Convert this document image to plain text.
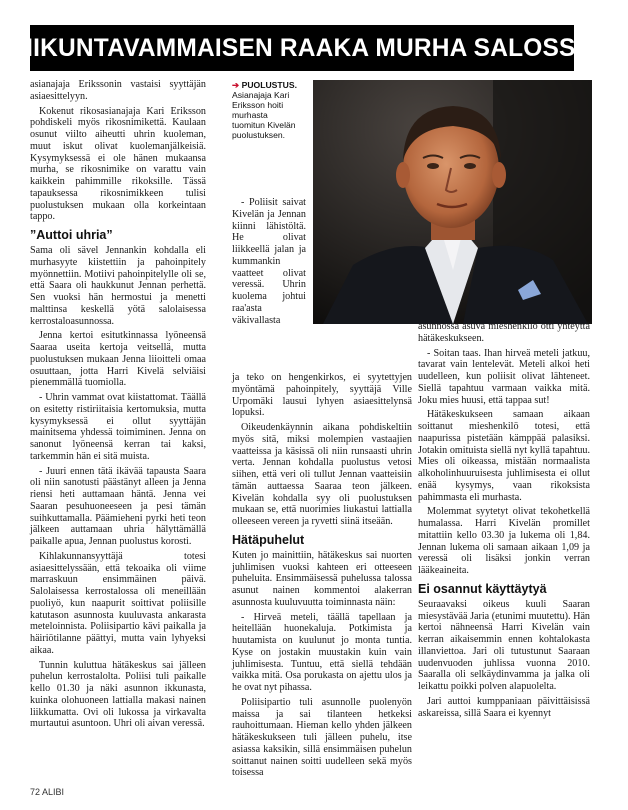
LIIKUNTAVAMMAISEN RAAKA MURHA SALOSSA

asianajaja Erikssonin vastaisi syyttäjän asiaesittelyyn.

Kokenut rikosasianajaja Kari Eriksson pohdiskeli myös rikosnimikettä. Kaulaan osunut viilto aiheutti uhrin kuoleman, muut iskut olivat kuolemanjälkeisiä. Kysymyksessä ei ole hänen mukaansa murha, se rikosnimike on varattu vain kaikkein pahimmille rikoksille. Tässä tapauksessa rikosnimikkeen tulisi puolustuksen mukaan olla korkeintaan tappo.

”Auttoi uhria”

Sama oli sävel Jennankin kohdalla eli murhasyyte kiistettiin ja pahoinpitely myönnettiin. Motiivi pahoinpitelylle oli se, että Saara oli haukkunut Jennan perhettä. Sen vuoksi hän hermostui ja menetti malttinsa keskellä yötä salolaisessa kerrostaloasunnossa.

Jenna kertoi esitutkinnassa lyöneensä Saaraa useita kertoja veitsellä, mutta puolustuksen mukaan Jenna liioitteli omaa osuuttaan, jotta Harri Kivelä selviäisi pienemmällä tuomiolla.

- Uhrin vammat ovat kiistattomat. Täällä on esitetty ristiriitaisia kertomuksia, mutta kysymyksessä ei ollut syyttäjän mainitsema yhdessä toimiminen. Jenna on sanonut lyöneensä kerran tai kaksi, tarkemmin hän ei sitä muista.

- Juuri ennen tätä ikävää tapausta Saara oli niin sanotusti päästänyt alleen ja Jenna riensi heti auttamaan häntä. Jenna vei Saaran pesuhuoneeseen ja pesi tämän suihkuttamalla. Päämieheni pyrki heti teon jälkeen auttamaan uhria hälyttämällä paikalle apua, Jennan puolustus korosti.

Kihlakunnansyyttäjä totesi asiaesittelyssään, että tekoaika oli viime marraskuun ensimmäinen päivä. Salolaisessa kerrostalossa oli meneillään puoliyö, kun naapurit soittivat poliisille katutason asunnosta kuuluvasta ankarasta meteloinnista. Poliisipartio kävi paikalla ja häiriötilanne päättyi, mutta vain lyhyeksi aikaa.

Tunnin kuluttua hätäkeskus sai jälleen puhelun kerrostalolta. Poliisi tuli paikalle kello 01.30 ja näki asunnon ikkunasta, kuinka olohuoneen lattialla makasi nainen liikkumatta. Ovi oli lukossa ja virkavalta murtautui asuntoon. Uhri oli aivan veressä.

➔ PUOLUSTUS.
Asianajaja Kari Eriksson hoiti murhasta tuomitun Kivelän puolustuksen.

- Poliisit saivat Kivelän ja Jennan kiinni lähistöltä. He olivat liikkeellä jalan ja kummankin vaatteet olivat veressä. Uhrin kuolema johtui raa'asta väkivallasta

ja teko on hengenkirkos, ei syytettyjen myöntämä pahoinpitely, syyttäjä Ville Urpomäki lausui lyhyen asiaesittelynsä lopuksi.

Oikeudenkäynnin aikana pohdiskeltiin myös sitä, miksi molempien vastaajien vaatteissa ja käsissä oli niin runsaasti uhrin verta. Jennan kohdalla puolustus vetosi siihen, että veri oli tullut Jennan vaatteisiin tämän auttaessa Saaraa teon jälkeen. Kivelän kohdalla syy oli puolustuksen mukaan se, että nuorimies liukastui lattialla olleeseen vereen ja ryvetti siinä itseään.

Hätäpuhelut

Kuten jo mainittiin, hätäkeskus sai nuorten juhlimisen vuoksi kahteen eri otteeseen puheluita. Ensimmäisessä puhelussa talossa asunut nainen kommentoi alakerran asunnosta kuuluvuutta toiminnasta näin:

- Hirveä meteli, täällä tapellaan ja heitellään huonekaluja. Potkimista ja huutamista on kuulunut jo monta tuntia. Kyse on jostakin muustakin kuin vain juhlimisesta. Tuntuu, että siellä tehdään vaikka mitä. Osa porukasta on ajettu ulos ja he ovat nyt pihassa.

Poliisipartio tuli asunnolle puolenyön maissa ja sai tilanteen hetkeksi rauhoittumaan. Hieman kello yhden jälkeen hätäkeskukseen tuli jälleen puhelu, itse asiassa kaksikin, sillä ensimmäisen puhelun soittanut nainen soitti uudelleen sekä myös toisessa

asunnossa asuva mieshenkilö otti yhteyttä hätäkeskukseen.

- Soitan taas. Ihan hirveä meteli jatkuu, tavarat vain lentelevät. Meteli alkoi heti uudelleen, kun poliisit olivat lähteneet. Siellä tapahtuu varmaan vaikka mitä. Joku mies huusi, että tappaa sut!

Hätäkeskukseen samaan aikaan soittanut mieshenkilö totesi, että naapurissa pistetään kämppää palasiksi. Jotakin omituista siellä nyt kyllä tapahtuu. Mies oli oikeassa, mistään normaalista alkoholinhuuruisesta juhlimisesta ei ollut enää kysymys, vaan rikoksista pahimmasta eli murhasta.

Molemmat syytetyt olivat tekohetkellä humalassa. Harri Kivelän promillet mitattiin kello 03.30 ja lukema oli 1,84. Jennan lukema oli samaan aikaan 1,09 ja veressä oli lisäksi jonkin verran lääkeaineita.

Ei osannut käyttäytyä

Seuraavaksi oikeus kuuli Saaran miesystävää Jaria (etunimi muutettu). Hän kertoi nähneensä Harri Kivelän vain kerran aikaisemmin ennen kohtalokasta illanviettoa. Jari oli tutustunut Saaraan uudenvuoden juhlissa vuonna 2010. Saaralla oli selkäydinvamma ja jalka oli leikattu poikki polven alapuolelta.

Jari auttoi kumppaniaan päivittäisissä askareissa, sillä Saara ei kyennyt

72 ALIBI
